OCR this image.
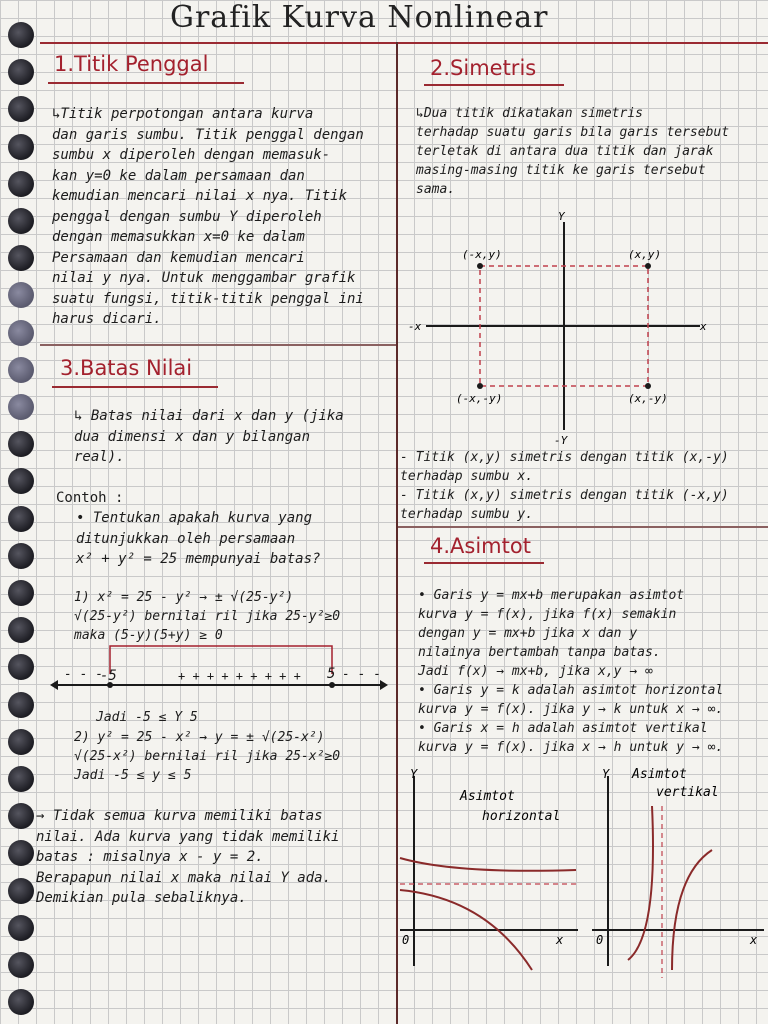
Grafik Kurva Nonlinear
1.Titik Penggal

↳Titik perpotongan antara kurva

dan garis sumbu. Titik penggal dengan

sumbu x diperoleh dengan memasuk-

kan y=0 ke dalam persamaan dan

kemudian mencari nilai x nya. Titik

penggal dengan sumbu Y diperoleh

dengan memasukkan x=0 ke dalam

Persamaan dan kemudian mencari

nilai y nya. Untuk menggambar grafik

suatu fungsi, titik-titik penggal ini

harus dicari.

3.Batas Nilai

↳ Batas nilai dari x dan y (jika

dua dimensi x dan y bilangan

real).

Contoh :

• Tentukan apakah kurva yang

ditunjukkan oleh persamaan

x² + y² = 25 mempunyai batas?

1) x² = 25 - y² → ± √(25-y²)

√(25-y²) bernilai ril jika 25-y²≥0

maka (5-y)(5+y) ≥ 0

- - -
-5	+ + + + + + + + + 5 - - -
Jadi -5 ≤ Y 5

2) y² = 25 - x² → y = ± √(25-x²)

√(25-x²) bernilai ril jika 25-x²≥0

Jadi -5 ≤ y ≤ 5

→ Tidak semua kurva memiliki batas

nilai. Ada kurva yang tidak memiliki

batas : misalnya x - y = 2.

Berapapun nilai x maka nilai Y ada.

Demikian pula sebaliknya.

2.Simetris

↳Dua titik dikatakan simetris

terhadap suatu garis bila garis tersebut

terletak di antara dua titik dan jarak

masing-masing titik ke garis tersebut

sama.

Y
-Y
-x	x
(-x,y)	(x,y)
(-x,-y)	(x,-y)

- Titik (x,y) simetris dengan titik (x,-y)

terhadap sumbu x.

- Titik (x,y) simetris dengan titik (-x,y)

terhadap sumbu y.

4.Asimtot

• Garis y = mx+b merupakan asimtot

kurva y = f(x), jika f(x) semakin

dengan y = mx+b jika x dan y

nilainya bertambah tanpa batas.

Jadi f(x) → mx+b, jika x,y → ∞

• Garis y = k adalah asimtot horizontal

kurva y = f(x). jika y → k untuk x → ∞.

• Garis x = h adalah asimtot vertikal

kurva y = f(x). jika x → h untuk y → ∞.

Asimtot
horizontal
Y
0	x
Asimtot
vertikal
Y
0	x
